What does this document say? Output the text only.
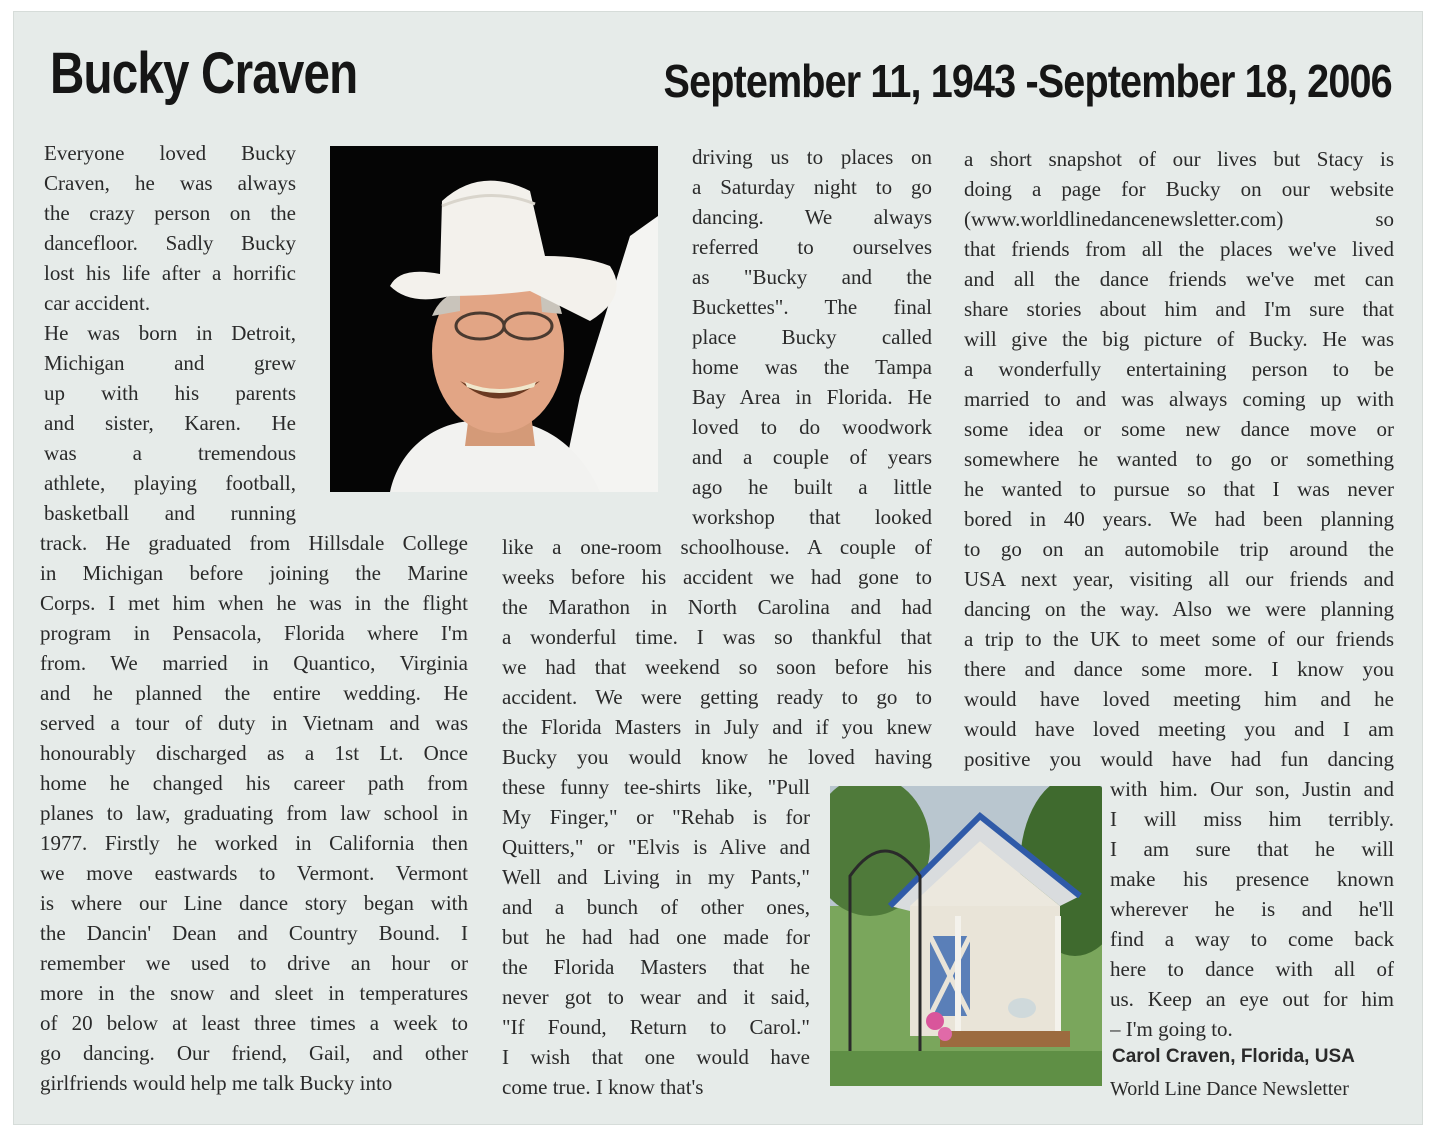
Bucky Craven	September 11, 1943 -September 18, 2006
Carol Craven, Florida, USA
World Line Dance Newsletter

Everyone loved Bucky

Craven, he was always

the crazy person on the

dancefloor. Sadly Bucky

lost his life after a horrific

car accident.

He was born in Detroit,

Michigan and grew

up with his parents

and sister, Karen. He

was a tremendous

athlete, playing football,

basketball and running

track. He graduated from Hillsdale College

in Michigan before joining the Marine

Corps. I met him when he was in the flight

program in Pensacola, Florida where I'm

from. We married in Quantico, Virginia

and he planned the entire wedding. He

served a tour of duty in Vietnam and was

honourably discharged as a 1st Lt. Once

home he changed his career path from

planes to law, graduating from law school in

1977. Firstly he worked in California then

we move eastwards to Vermont. Vermont

is where our Line dance story began with

the Dancin' Dean and Country Bound. I

remember we used to drive an hour or

more in the snow and sleet in temperatures

of 20 below at least three times a week to

go dancing. Our friend, Gail, and other

girlfriends would help me talk Bucky into

driving us to places on

a Saturday night to go

dancing. We always

referred to ourselves

as "Bucky and the

Buckettes". The final

place Bucky called

home was the Tampa

Bay Area in Florida. He

loved to do woodwork

and a couple of years

ago he built a little

workshop that looked

like a one-room schoolhouse. A couple of

weeks before his accident we had gone to

the Marathon in North Carolina and had

a wonderful time. I was so thankful that

we had that weekend so soon before his

accident. We were getting ready to go to

the Florida Masters in July and if you knew

Bucky you would know he loved having

these funny tee-shirts like, "Pull

My Finger," or "Rehab is for

Quitters," or "Elvis is Alive and

Well and Living in my Pants,"

and a bunch of other ones,

but he had had one made for

the Florida Masters that he

never got to wear and it said,

"If Found, Return to Carol."

I wish that one would have

come true. I know that's

a short snapshot of our lives but Stacy is

doing a page for Bucky on our website

(www.worldlinedancenewsletter.com) so

that friends from all the places we've lived

and all the dance friends we've met can

share stories about him and I'm sure that

will give the big picture of Bucky. He was

a wonderfully entertaining person to be

married to and was always coming up with

some idea or some new dance move or

somewhere he wanted to go or something

he wanted to pursue so that I was never

bored in 40 years. We had been planning

to go on an automobile trip around the

USA next year, visiting all our friends and

dancing on the way. Also we were planning

a trip to the UK to meet some of our friends

there and dance some more. I know you

would have loved meeting him and he

would have loved meeting you and I am

positive you would have had fun dancing

with him. Our son, Justin and

I will miss him terribly.

I am sure that he will

make his presence known

wherever he is and he'll

find a way to come back

here to dance with all of

us. Keep an eye out for him

– I'm going to.
